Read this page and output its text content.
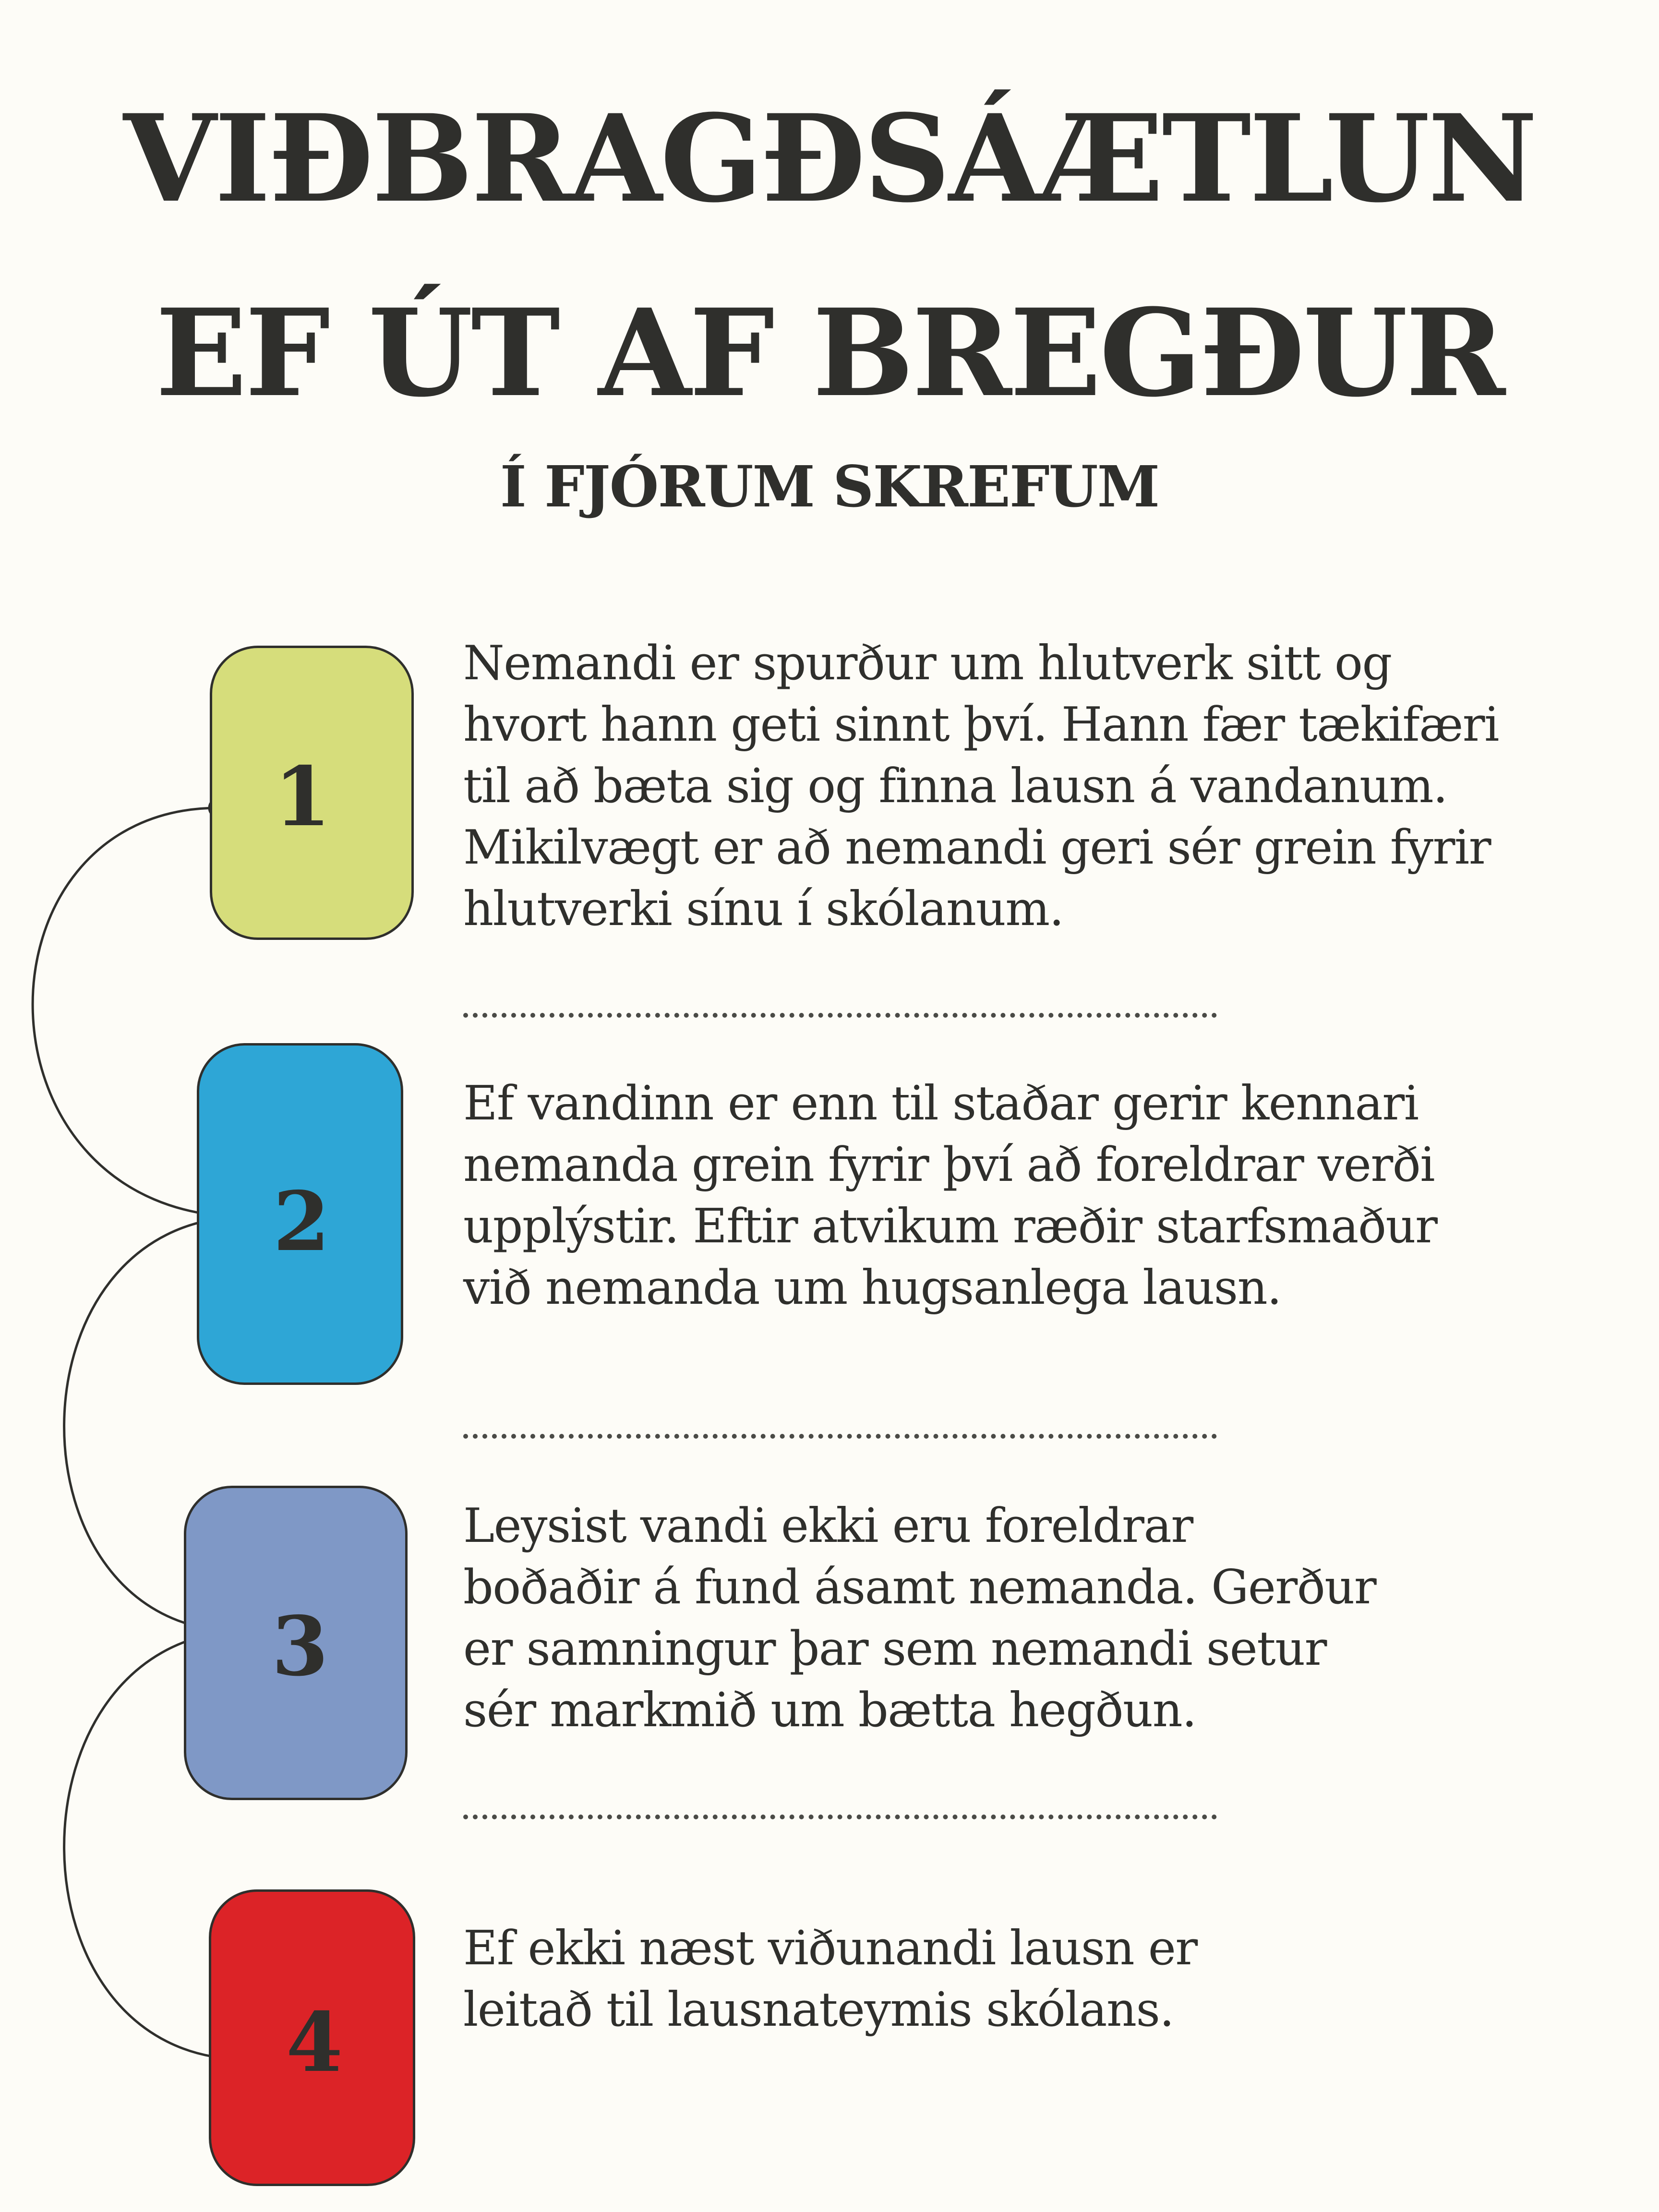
VIÐBRAGÐSÁÆTLUN
EF ÚT AF BREGÐUR
Í FJÓRUM SKREFUM
1
Nemandi er spurður um hlutverk sitt og
hvort hann geti sinnt því. Hann fær tækifæri
til að bæta sig og finna lausn á vandanum.
Mikilvægt er að nemandi geri sér grein fyrir
hlutverki sínu í skólanum.
2
Ef vandinn er enn til staðar gerir kennari
nemanda grein fyrir því að foreldrar verði
upplýstir. Eftir atvikum ræðir starfsmaður
við nemanda um hugsanlega lausn.
3
Leysist vandi ekki eru foreldrar
boðaðir á fund ásamt nemanda. Gerður
er samningur þar sem nemandi setur
sér markmið um bætta hegðun.
4
Ef ekki næst viðunandi lausn er
leitað til lausnateymis skólans.
